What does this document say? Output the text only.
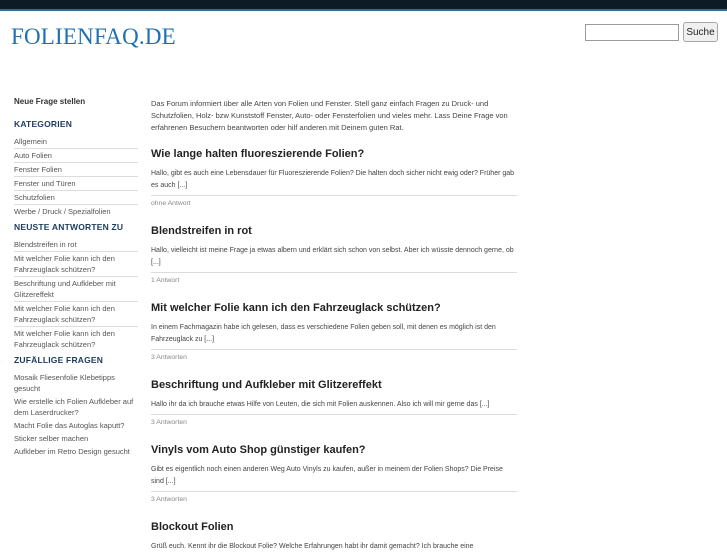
FOLIENFAQ.DE	Suche
Neue Frage stellen
KATEGORIEN
Allgemein
Auto Folien
Fenster Folien
Fenster und Türen
Schutzfolien
Werbe / Druck / Spezialfolien
NEUSTE ANTWORTEN ZU
Blendstreifen in rot
Mit welcher Folie kann ich den Fahrzeuglack schützen?
Beschriftung und Aufkleber mit Glitzereffekt
Mit welcher Folie kann ich den Fahrzeuglack schützen?
Mit welcher Folie kann ich den Fahrzeuglack schützen?
ZUFÄLLIGE FRAGEN
Mosaik Fliesenfolie Klebetipps gesucht
Wie erstelle ich Folien Aufkleber auf dem Laserdrucker?
Macht Folie das Autoglas kaputt?
Sticker selber machen
Aufkleber im Retro Design gesucht

Das Forum informiert über alle Arten von Folien und Fenster. Stell ganz einfach Fragen zu Druck- und Schutzfolien, Holz- bzw Kunststoff Fenster, Auto- oder Fensterfolien und vieles mehr. Lass Deine Frage von erfahrenen Besuchern beantworten oder hilf anderen mit Deinem guten Rat.

Wie lange halten fluoreszierende Folien?

Hallo, gibt es auch eine Lebensdauer für Fluoreszierende Folien? Die halten doch sicher nicht ewig oder? Früher gab es auch [...]

ohne Antwort
Blendstreifen in rot

Hallo, vielleicht ist meine Frage ja etwas albern und erklärt sich schon von selbst. Aber ich wüsste dennoch gerne, ob [...]

1 Antwort
Mit welcher Folie kann ich den Fahrzeuglack schützen?

In einem Fachmagazin habe ich gelesen, dass es verschiedene Folien geben soll, mit denen es möglich ist den Fahrzeuglack zu [...]

3 Antworten
Beschriftung und Aufkleber mit Glitzereffekt

Hallo ihr da ich brauche etwas Hilfe von Leuten, die sich mit Folien auskennen. Also ich will mir gerne das [...]

3 Antworten
Vinyls vom Auto Shop günstiger kaufen?

Gibt es eigentlich noch einen anderen Weg Auto Vinyls zu kaufen, außer in meinem der Folien Shops? Die Preise sind [...]

3 Antworten
Blockout Folien

Grüß euch. Kennt ihr die Blockout Folie? Welche Erfahrungen habt ihr damit gemacht? Ich brauche eine
